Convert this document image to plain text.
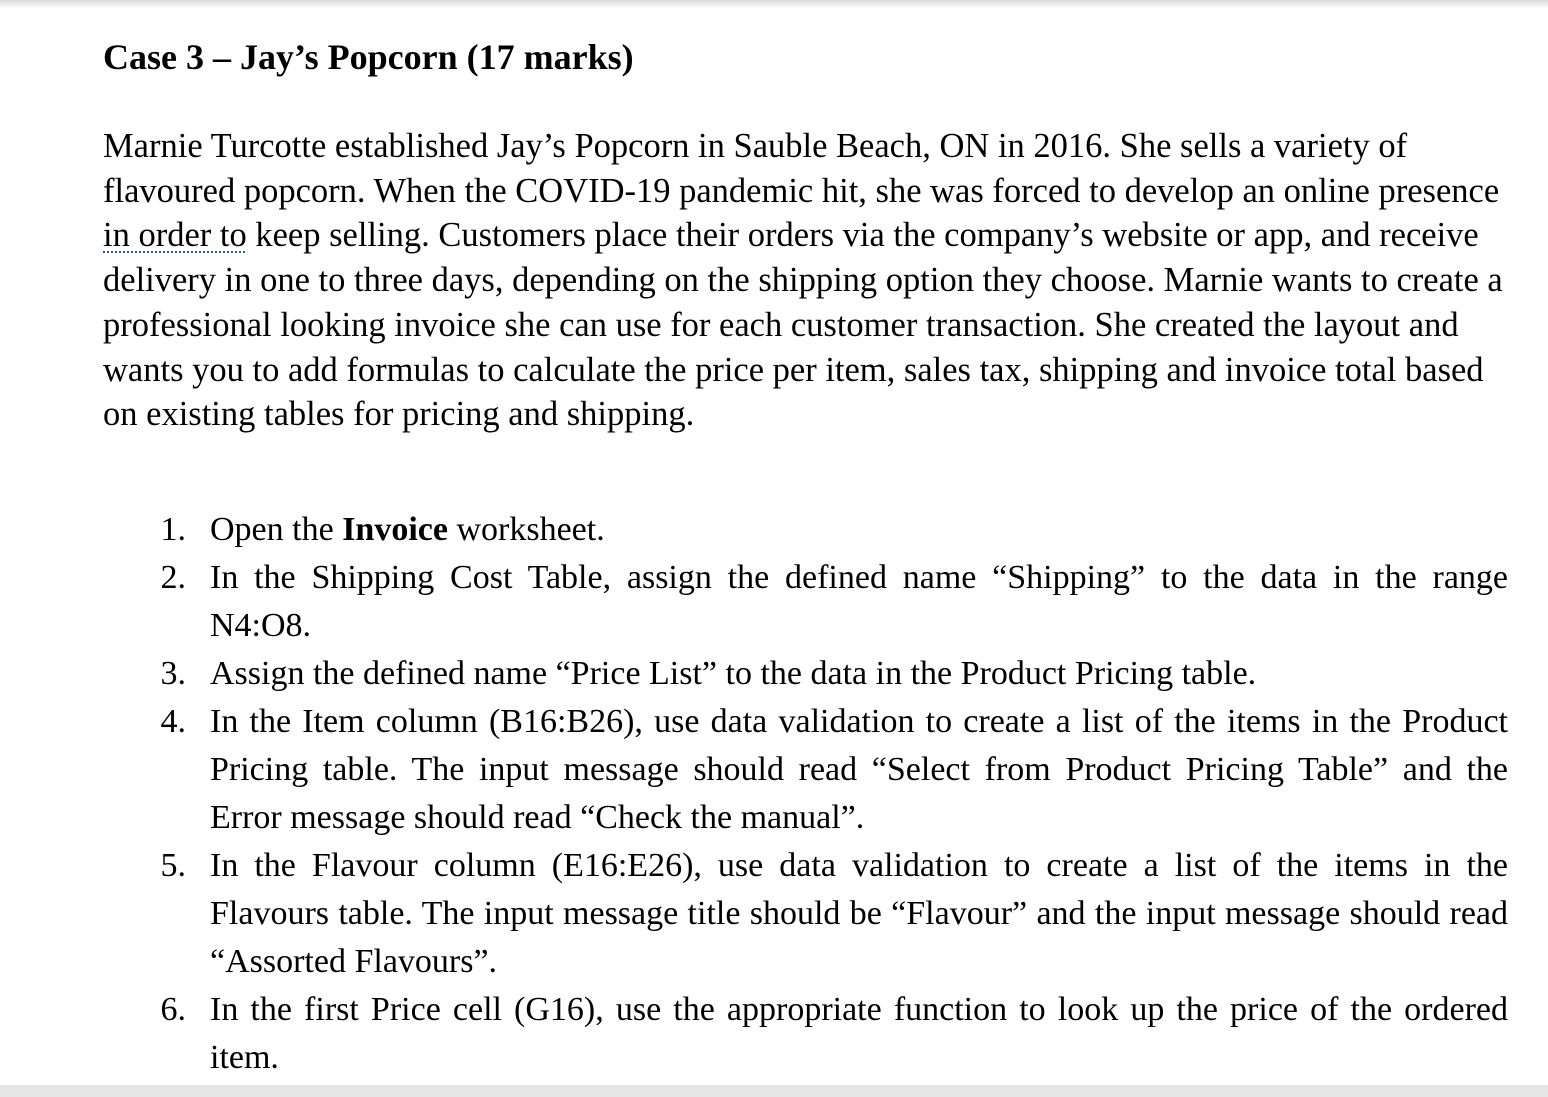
Case 3 – Jay’s Popcorn (17 marks)

Marnie Turcotte established Jay’s Popcorn in Sauble Beach, ON in 2016. She sells a variety of flavoured popcorn. When the COVID-19 pandemic hit, she was forced to develop an online presence in order to keep selling. Customers place their orders via the company’s website or app, and receive delivery in one to three days, depending on the shipping option they choose. Marnie wants to create a professional looking invoice she can use for each customer transaction. She created the layout and wants you to add formulas to calculate the price per item, sales tax, shipping and invoice total based on existing tables for pricing and shipping.

1. Open the Invoice worksheet.
2. In the Shipping Cost Table, assign the defined name “Shipping” to the data in the range N4:O8.
3. Assign the defined name “Price List” to the data in the Product Pricing table.
4. In the Item column (B16:B26), use data validation to create a list of the items in the Product Pricing table. The input message should read “Select from Product Pricing Table” and the Error message should read “Check the manual”.
5. In the Flavour column (E16:E26), use data validation to create a list of the items in the Flavours table. The input message title should be “Flavour” and the input message should read “Assorted Flavours”.
6. In the first Price cell (G16), use the appropriate function to look up the price of the ordered item.
